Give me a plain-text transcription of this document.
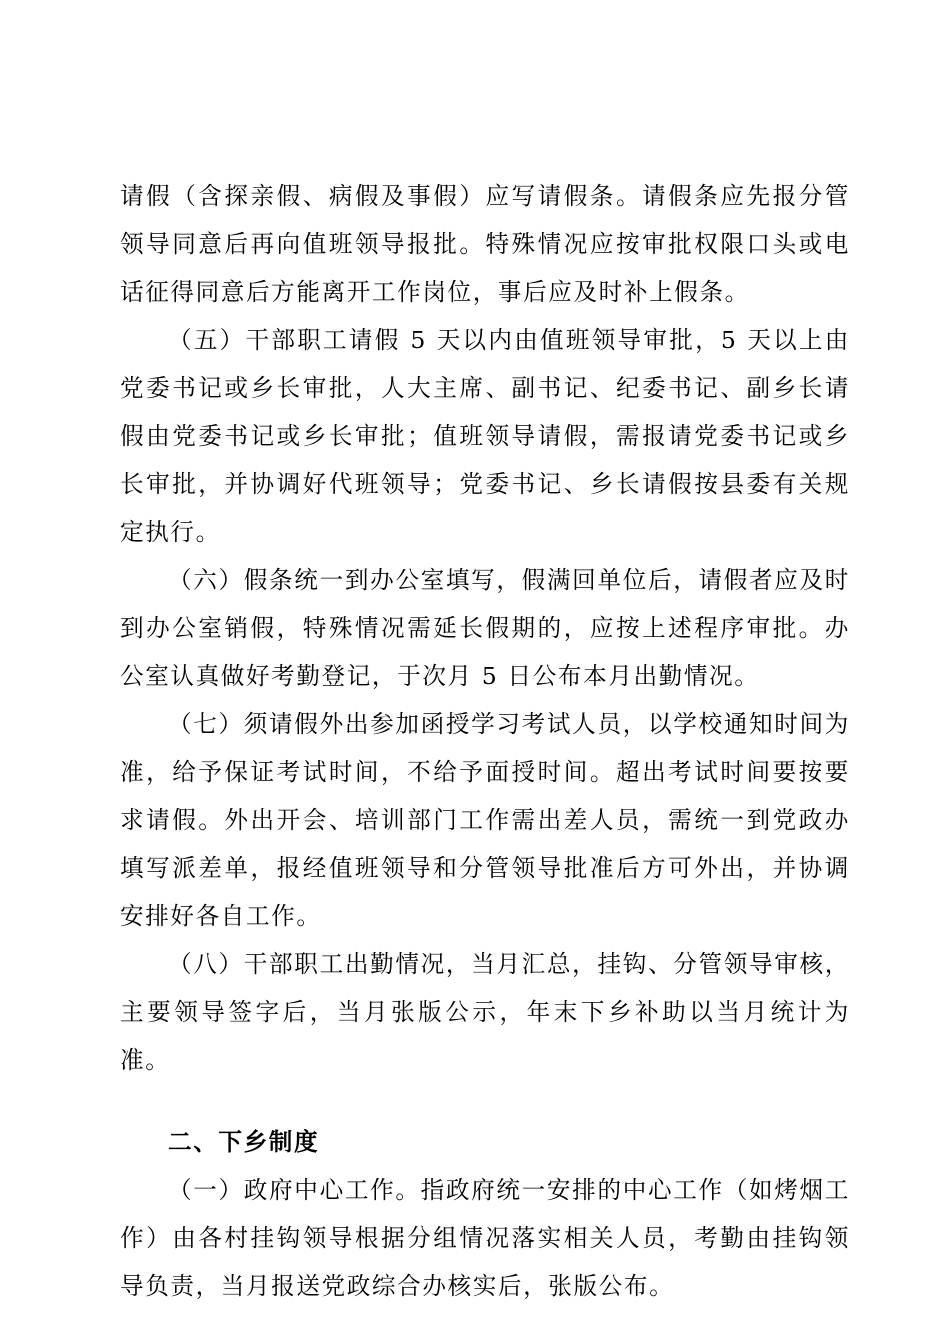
请假（含探亲假、病假及事假）应写请假条。请假条应先报分管领导同意后再向值班领导报批。特殊情况应按审批权限口头或电话征得同意后方能离开工作岗位，事后应及时补上假条。

（五）干部职工请假 5 天以内由值班领导审批，5 天以上由党委书记或乡长审批，人大主席、副书记、纪委书记、副乡长请假由党委书记或乡长审批；值班领导请假，需报请党委书记或乡长审批，并协调好代班领导；党委书记、乡长请假按县委有关规定执行。

（六）假条统一到办公室填写，假满回单位后，请假者应及时到办公室销假，特殊情况需延长假期的，应按上述程序审批。办公室认真做好考勤登记，于次月 5 日公布本月出勤情况。

（七）须请假外出参加函授学习考试人员，以学校通知时间为准，给予保证考试时间，不给予面授时间。超出考试时间要按要求请假。外出开会、培训部门工作需出差人员，需统一到党政办填写派差单，报经值班领导和分管领导批准后方可外出，并协调安排好各自工作。

（八）干部职工出勤情况，当月汇总，挂钩、分管领导审核，主要领导签字后，当月张版公示，年末下乡补助以当月统计为准。

二、下乡制度

（一）政府中心工作。指政府统一安排的中心工作（如烤烟工作）由各村挂钩领导根据分组情况落实相关人员，考勤由挂钩领导负责，当月报送党政综合办核实后，张版公布。
